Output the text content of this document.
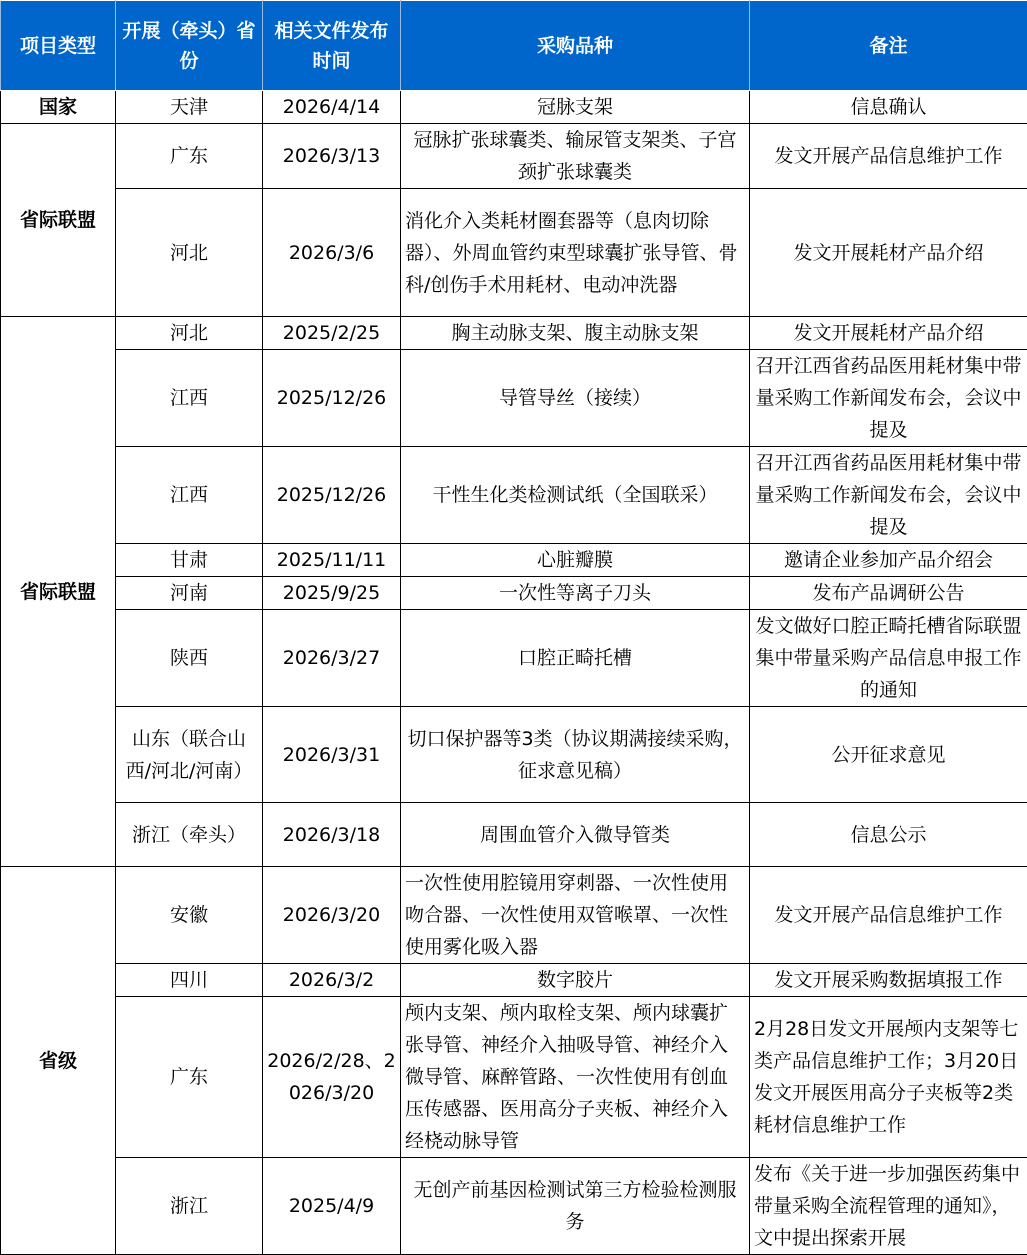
项目类型	开展（牵头）省份	相关文件发布时间	采购品种	备注
国家	天津	2026/4/14	冠脉支架	信息确认
省际联盟	广东	2026/3/13	冠脉扩张球囊类、输尿管支架类、子宫颈扩张球囊类	发文开展产品信息维护工作
	河北	2026/3/6	消化介入类耗材圈套器等（息肉切除器）、外周血管约束型球囊扩张导管、骨科/创伤手术用耗材、电动冲洗器	发文开展耗材产品介绍
省际联盟	河北	2025/2/25	胸主动脉支架、腹主动脉支架	发文开展耗材产品介绍
	江西	2025/12/26	导管导丝（接续）	召开江西省药品医用耗材集中带量采购工作新闻发布会，会议中提及
	江西	2025/12/26	干性生化类检测试纸（全国联采）	召开江西省药品医用耗材集中带量采购工作新闻发布会，会议中提及
	甘肃	2025/11/11	心脏瓣膜	邀请企业参加产品介绍会
	河南	2025/9/25	一次性等离子刀头	发布产品调研公告
	陕西	2026/3/27	口腔正畸托槽	发文做好口腔正畸托槽省际联盟集中带量采购产品信息申报工作的通知
	山东（联合山西/河北/河南）	2026/3/31	切口保护器等3类（协议期满接续采购，征求意见稿）	公开征求意见
	浙江（牵头）	2026/3/18	周围血管介入微导管类	信息公示
省级	安徽	2026/3/20	一次性使用腔镜用穿刺器、一次性使用吻合器、一次性使用双管喉罩、一次性使用雾化吸入器	发文开展产品信息维护工作
	四川	2026/3/2	数字胶片	发文开展采购数据填报工作
	广东	2026/2/28、2026/3/20	颅内支架、颅内取栓支架、颅内球囊扩张导管、神经介入抽吸导管、神经介入微导管、麻醉管路、一次性使用有创血压传感器、医用高分子夹板、神经介入经桡动脉导管	2月28日发文开展颅内支架等七类产品信息维护工作；3月20日发文开展医用高分子夹板等2类耗材信息维护工作
	浙江	2025/4/9	无创产前基因检测试第三方检验检测服务	发布《关于进一步加强医药集中带量采购全流程管理的通知》，文中提出探索开展
